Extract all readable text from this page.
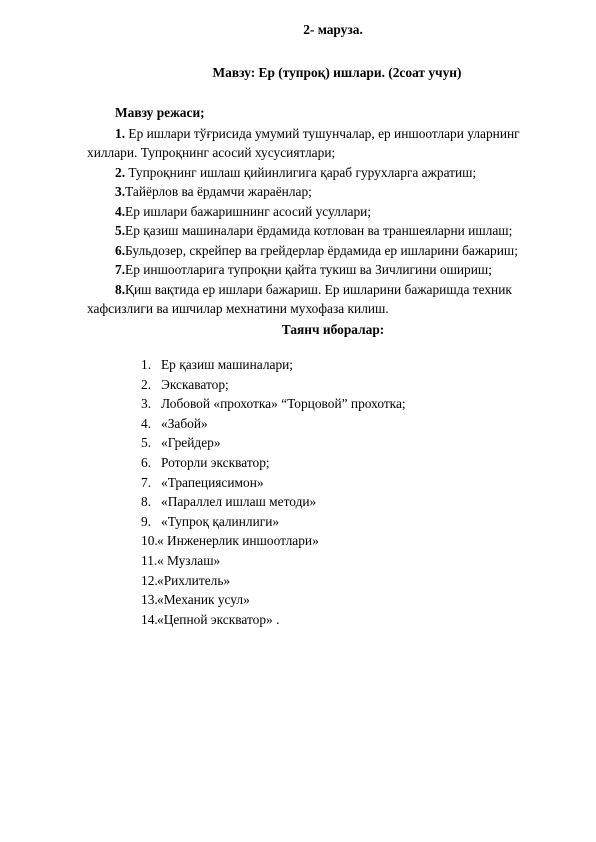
2- маруза.
Мавзу: Ер (тупроқ) ишлари. (2соат учун)
Мавзу режаси;

1. Ер ишлари тўғрисида умумий тушунчалар, ер иншоотлари уларнинг хиллари. Тупроқнинг асосий хусусиятлари;

2. Тупроқнинг ишлаш қийинлигига қараб гурухларга ажратиш;

3.Тайёрлов ва ёрдамчи жараёнлар;

4.Ер ишлари бажаришнинг асосий усуллари;

5.Ер қазиш машиналари ёрдамида котлован ва траншеяларни ишлаш;

6.Бульдозер, скрейпер ва грейдерлар ёрдамида ер ишларини бажариш;

7.Ер иншоотларига тупроқни қайта тукиш ва Зичлигини ошириш;

8.Қиш вақтида ер ишлари бажариш. Ер ишларини бажаришда техник хафсизлиги ва ишчилар мехнатини мухофаза килиш.

Таянч иборалар:
1. Ер қазиш машиналари;
2. Экскаватор;
3. Лобовой «прохотка» “Торцовой” прохотка;
4. «Забой»
5. «Грейдер»
6. Роторли экскватор;
7. «Трапециясимон»
8. «Параллел ишлаш методи»
9. «Тупроқ қалинлиги»
10. « Инженерлик иншоотлари»
11. « Музлаш»
12. «Рихлитель»
13. «Механик усул»
14. «Цепной экскватор» .
